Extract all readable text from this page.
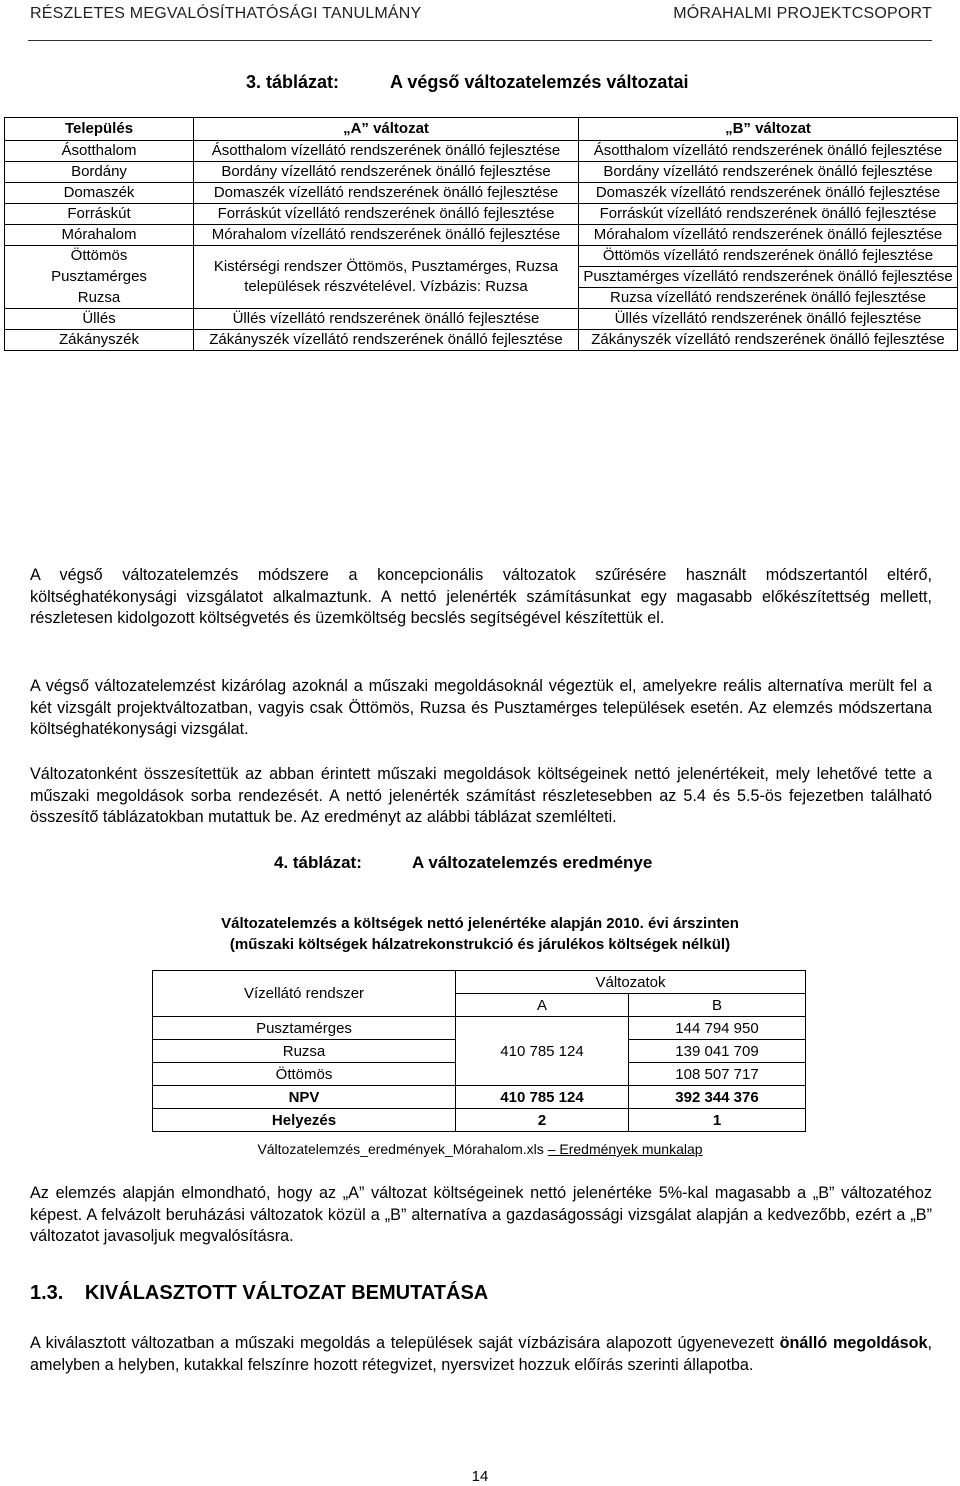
RÉSZLETES MEGVALÓSÍTHATÓSÁGI TANULMÁNY	MÓRAHALMI PROJEKTCSOPORT
3. táblázat:	A végső változatelemzés változatai
Település	„A” változat	„B” változat
Ásotthalom	Ásotthalom vízellátó rendszerének önálló fejlesztése	Ásotthalom vízellátó rendszerének önálló fejlesztése
Bordány	Bordány vízellátó rendszerének önálló fejlesztése	Bordány vízellátó rendszerének önálló fejlesztése
Domaszék	Domaszék vízellátó rendszerének önálló fejlesztése	Domaszék vízellátó rendszerének önálló fejlesztése
Forráskút	Forráskút vízellátó rendszerének önálló fejlesztése	Forráskút vízellátó rendszerének önálló fejlesztése
Mórahalom	Mórahalom vízellátó rendszerének önálló fejlesztése	Mórahalom vízellátó rendszerének önálló fejlesztése
Öttömös	Kistérségi rendszer Öttömös, Pusztamérges, Ruzsa települések részvételével. Vízbázis: Ruzsa	Öttömös vízellátó rendszerének önálló fejlesztése
Pusztamérges		Pusztamérges vízellátó rendszerének önálló fejlesztése
Ruzsa		Ruzsa vízellátó rendszerének önálló fejlesztése
Üllés	Üllés vízellátó rendszerének önálló fejlesztése	Üllés vízellátó rendszerének önálló fejlesztése
Zákányszék	Zákányszék vízellátó rendszerének önálló fejlesztése	Zákányszék vízellátó rendszerének önálló fejlesztése
A végső változatelemzés módszere a koncepcionális változatok szűrésére használt módszertantól eltérő, költséghatékonysági vizsgálatot alkalmaztunk. A nettó jelenérték számításunkat egy magasabb előkészítettség mellett, részletesen kidolgozott költségvetés és üzemköltség becslés segítségével készítettük el.
A végső változatelemzést kizárólag azoknál a műszaki megoldásoknál végeztük el, amelyekre reális alternatíva merült fel a két vizsgált projektváltozatban, vagyis csak Öttömös, Ruzsa és Pusztamérges települések esetén. Az elemzés módszertana költséghatékonysági vizsgálat.
Változatonként összesítettük az abban érintett műszaki megoldások költségeinek nettó jelenértékeit, mely lehetővé tette a műszaki megoldások sorba rendezését. A nettó jelenérték számítást részletesebben az 5.4 és 5.5-ös fejezetben található összesítő táblázatokban mutattuk be. Az eredményt az alábbi táblázat szemlélteti.
4. táblázat:	A változatelemzés eredménye
Változatelemzés a költségek nettó jelenértéke alapján 2010. évi árszinten
(műszaki költségek hálzatrekonstrukció és járulékos költségek nélkül)
Vízellátó rendszer	Változatok	
	A	B
Pusztamérges	410 785 124	144 794 950
Ruzsa		139 041 709
Öttömös		108 507 717
NPV	410 785 124	392 344 376
Helyezés	2	1
Változatelemzés_eredmények_Mórahalom.xls – Eredmények munkalap
Az elemzés alapján elmondható, hogy az „A” változat költségeinek nettó jelenértéke 5%-kal magasabb a „B” változatéhoz képest. A felvázolt beruházási változatok közül a „B” alternatíva a gazdaságossági vizsgálat alapján a kedvezőbb, ezért a „B” változatot javasoljuk megvalósításra.
1.3. KIVÁLASZTOTT VÁLTOZAT BEMUTATÁSA
A kiválasztott változatban a műszaki megoldás a települések saját vízbázisára alapozott úgyenevezett önálló megoldások, amelyben a helyben, kutakkal felszínre hozott rétegvizet, nyersvizet hozzuk előírás szerinti állapotba.
14
